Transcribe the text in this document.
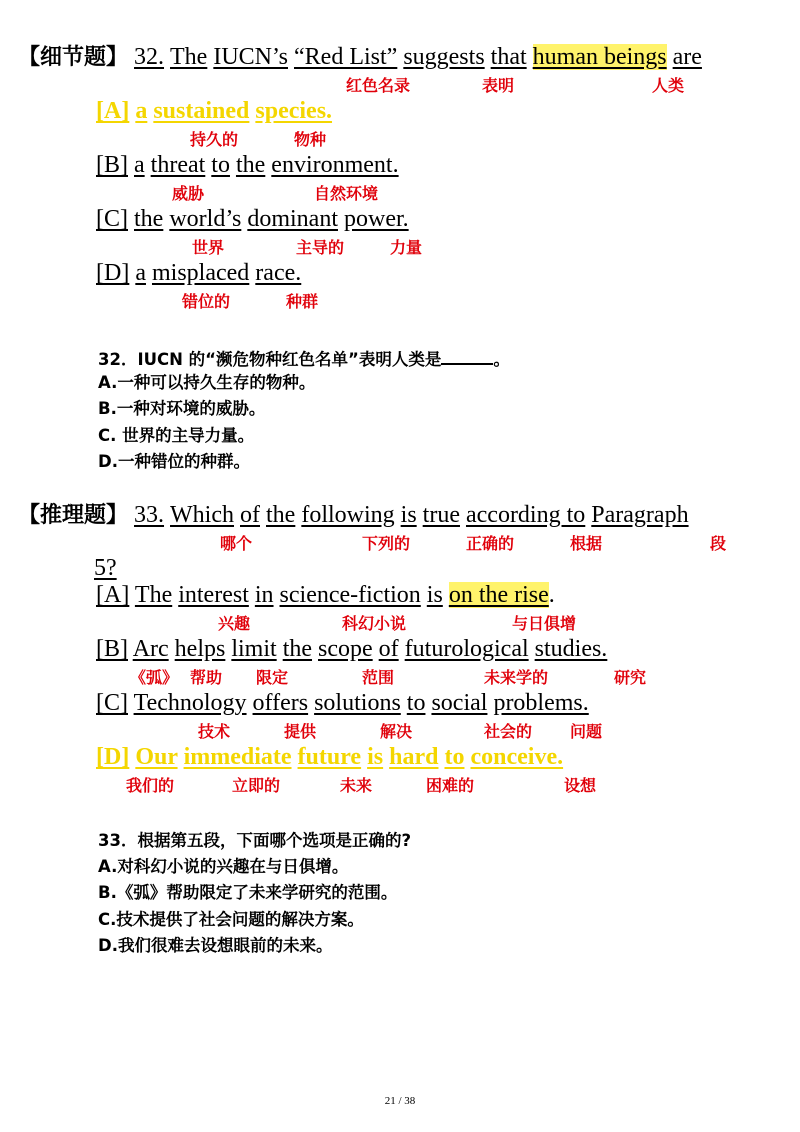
【细节题】 32. The IUCN’s “Red List” suggests that human beings are
红色名录	表明	人类
[A] a sustained species.
持久的	物种
[B] a threat to the environment.
威胁	自然环境
[C] the world’s dominant power.
世界	主导的	力量
[D] a misplaced race.
错位的	种群
32．IUCN 的“濒危物种红色名单”表明人类是	。
A.一种可以持久生存的物种。
B.一种对环境的威胁。
C. 世界的主导力量。
D.一种错位的种群。
【推理题】 33. Which of the following is true according to Paragraph
哪个	下列的	正确的	根据	段
5?
[A] The interest in science-fiction is on the rise.
兴趣	科幻小说	与日俱增
[B] Arc helps limit the scope of futurological studies.
《弧》 帮助 限定	范围	未来学的	研究
[C] Technology offers solutions to social problems.
技术	提供	解决	社会的 问题
[D] Our immediate future is hard to conceive.
我们的	立即的	未来	困难的	设想
33．根据第五段，下面哪个选项是正确的?
A.对科幻小说的兴趣在与日俱增。
B.《弧》帮助限定了未来学研究的范围。
C.技术提供了社会问题的解决方案。
D.我们很难去设想眼前的未来。
21 / 38
